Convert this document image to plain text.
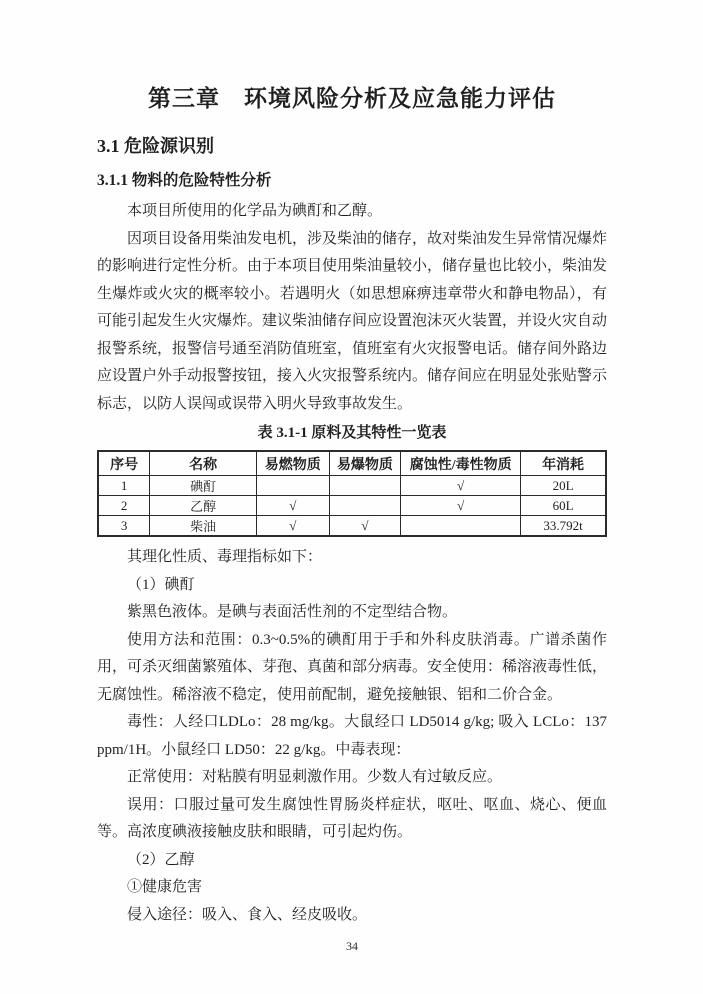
第三章　环境风险分析及应急能力评估
3.1 危险源识别
3.1.1 物料的危险特性分析

本项目所使用的化学品为碘酊和乙醇。

因项目设备用柴油发电机，涉及柴油的储存，故对柴油发生异常情况爆炸的影响进行定性分析。由于本项目使用柴油量较小，储存量也比较小，柴油发生爆炸或火灾的概率较小。若遇明火（如思想麻痹违章带火和静电物品），有可能引起发生火灾爆炸。建议柴油储存间应设置泡沫灭火装置，并设火灾自动报警系统，报警信号通至消防值班室，值班室有火灾报警电话。储存间外路边应设置户外手动报警按钮，接入火灾报警系统内。储存间应在明显处张贴警示标志，以防人误闯或误带入明火导致事故发生。

表 3.1-1 原料及其特性一览表

序号	名称	易燃物质	易爆物质	腐蚀性/毒性物质	年消耗
1	碘酊			√	20L
2	乙醇	√		√	60L
3	柴油	√	√		33.792t

其理化性质、毒理指标如下：

（1）碘酊

紫黑色液体。是碘与表面活性剂的不定型结合物。

使用方法和范围：0.3~0.5%的碘酊用于手和外科皮肤消毒。广谱杀菌作用，可杀灭细菌繁殖体、芽孢、真菌和部分病毒。安全使用：稀溶液毒性低，无腐蚀性。稀溶液不稳定，使用前配制，避免接触银、铝和二价合金。

毒性：人经口LDLo：28 mg/kg。大鼠经口 LD5014 g/kg; 吸入 LCLo：137 ppm/1H。小鼠经口 LD50：22 g/kg。中毒表现：

正常使用：对粘膜有明显刺激作用。少数人有过敏反应。

误用：口服过量可发生腐蚀性胃肠炎样症状，呕吐、呕血、烧心、便血等。高浓度碘液接触皮肤和眼睛，可引起灼伤。

（2）乙醇

①健康危害

侵入途径：吸入、食入、经皮吸收。

34
